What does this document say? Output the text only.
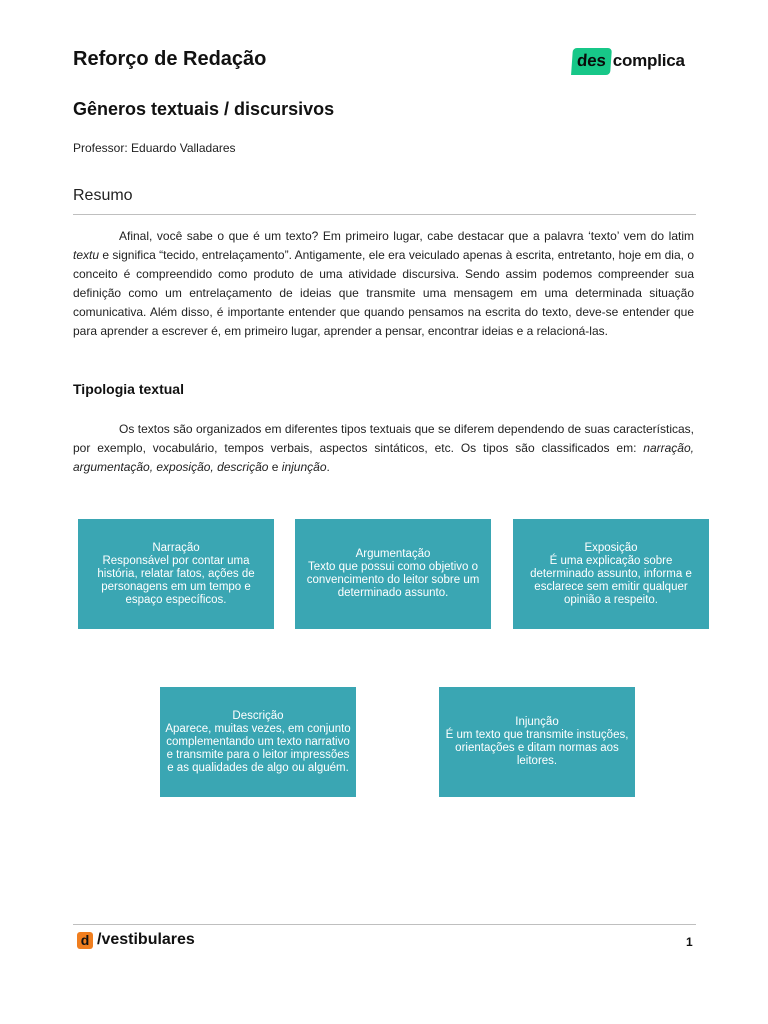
Reforço de Redação	des complica
Gêneros textuais / discursivos
Professor: Eduardo Valladares
Resumo
Afinal, você sabe o que é um texto? Em primeiro lugar, cabe destacar que a palavra ‘texto’ vem do latim textu e significa “tecido, entrelaçamento”. Antigamente, ele era veiculado apenas à escrita, entretanto, hoje em dia, o conceito é compreendido como produto de uma atividade discursiva. Sendo assim podemos compreender sua definição como um entrelaçamento de ideias que transmite uma mensagem em uma determinada situação comunicativa. Além disso, é importante entender que quando pensamos na escrita do texto, deve-se entender que para aprender a escrever é, em primeiro lugar, aprender a pensar, encontrar ideias e a relacioná-las.
Tipologia textual
Os textos são organizados em diferentes tipos textuais que se diferem dependendo de suas características, por exemplo, vocabulário, tempos verbais, aspectos sintáticos, etc. Os tipos são classificados em: narração, argumentação, exposição, descrição e injunção.
Narração
Responsável por contar uma história, relatar fatos, ações de personagens em um tempo e espaço específicos.
Argumentação
Texto que possui como objetivo o convencimento do leitor sobre um determinado assunto.
Exposição
É uma explicação sobre determinado assunto, informa e esclarece sem emitir qualquer opinião a respeito.
Descrição
Aparece, muitas vezes, em conjunto complementando um texto narrativo e transmite para o leitor impressões e as qualidades de algo ou alguém.
Injunção
É um texto que transmite instuções, orientações e ditam normas aos leitores.
d /vestibulares	1
